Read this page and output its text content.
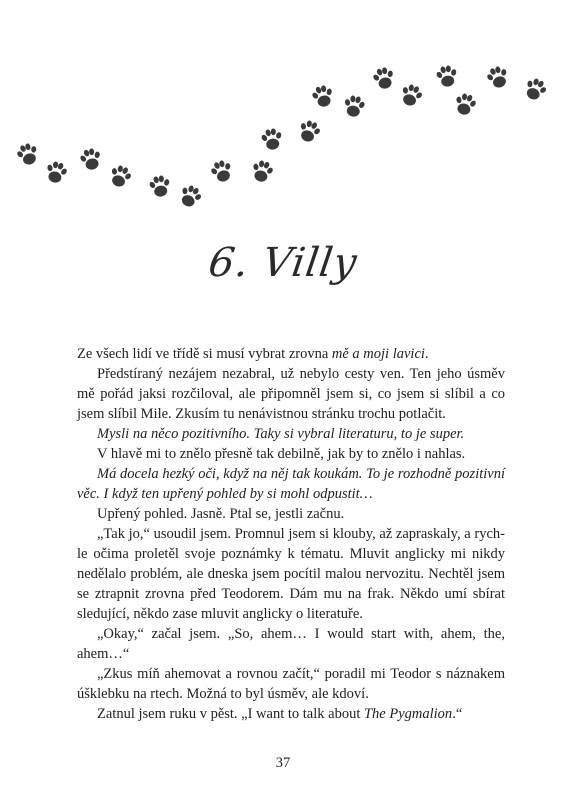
6. Villy

Ze všech lidí ve třídě si musí vybrat zrovna mě a moji lavici.

Předstíraný nezájem nezabral, už nebylo cesty ven. Ten jeho úsměv mě pořád jaksi rozčiloval, ale připomněl jsem si, co jsem si slíbil a co jsem slíbil Mile. Zkusím tu nenávistnou stránku trochu potlačit.

Mysli na něco pozitivního. Taky si vybral literaturu, to je super.

V hlavě mi to znělo přesně tak debilně, jak by to znělo i nahlas.

Má docela hezký oči, když na něj tak koukám. To je rozhodně pozitivní věc. I když ten upřený pohled by si mohl odpustit…

Upřený pohled. Jasně. Ptal se, jestli začnu.

„Tak jo,“ usoudil jsem. Promnul jsem si klouby, až zapraskaly, a rychle očima proletěl svoje poznámky k tématu. Mluvit anglicky mi nikdy nedělalo problém, ale dneska jsem pocítil malou nervozitu. Nechtěl jsem se ztrapnit zrovna před Teodorem. Dám mu na frak. Někdo umí sbírat sledující, někdo zase mluvit anglicky o literatuře.

„Okay,“ začal jsem. „So, ahem… I would start with, ahem, the, ahem…“

„Zkus míň ahemovat a rovnou začít,“ poradil mi Teodor s náznakem úšklebku na rtech. Možná to byl úsměv, ale kdoví.

Zatnul jsem ruku v pěst. „I want to talk about The Pygmalion.“

37
